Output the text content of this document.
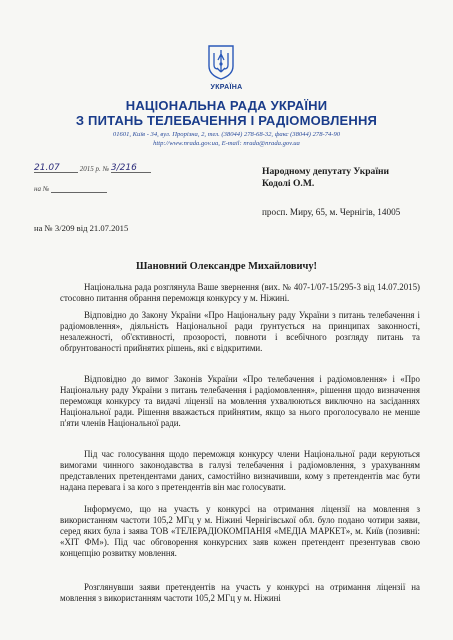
УКРАЇНА
НАЦІОНАЛЬНА РАДА УКРАЇНИ
З ПИТАНЬ ТЕЛЕБАЧЕННЯ І РАДІОМОВЛЕННЯ
01601, Київ - 34, вул. Прорізна, 2, тел. (38044) 278-68-32, факс (38044) 278-74-90
http://www.nrada.gov.ua, E-mail: nrada@nrada.gov.ua
21.07	2015 р. № 3/216
на №
Народному депутату України
Кодолі О.М.
просп. Миру, 65, м. Чернігів, 14005
на № 3/209 від 21.07.2015
Шановний Олександре Михайловичу!
Національна рада розглянула Ваше звернення (вих. № 407-1/07-15/295-3 від 14.07.2015) стосовно питання обрання переможця конкурсу у м. Ніжині.
Відповідно до Закону України «Про Національну раду України з питань телебачення і радіомовлення», діяльність Національної ради ґрунтується на принципах законності, незалежності, об'єктивності, прозорості, повноти і всебічного розгляду питань та обґрунтованості прийнятих рішень, які є відкритими.
Відповідно до вимог Законів України «Про телебачення і радіомовлення» і «Про Національну раду України з питань телебачення і радіомовлення», рішення щодо визначення переможця конкурсу та видачі ліцензії на мовлення ухвалюються виключно на засіданнях Національної ради. Рішення вважається прийнятим, якщо за нього проголосувало не менше п'яти членів Національної ради.
Під час голосування щодо переможця конкурсу члени Національної ради керуються вимогами чинного законодавства в галузі телебачення і радіомовлення, з урахуванням представлених претендентами даних, самостійно визначивши, кому з претендентів має бути надана перевага і за кого з претендентів він має голосувати.
Інформуємо, що на участь у конкурсі на отримання ліцензії на мовлення з використанням частоти 105,2 МГц у м. Ніжині Чернігівської обл. було подано чотири заяви, серед яких була і заява ТОВ «ТЕЛЕРАДІОКОМПАНІЯ «МЕДІА МАРКЕТ», м. Київ (позивні: «ХІТ ФМ»). Під час обговорення конкурсних заяв кожен претендент презентував свою концепцію розвитку мовлення.
Розглянувши заяви претендентів на участь у конкурсі на отримання ліцензії на мовлення з використанням частоти 105,2 МГц у м. Ніжині
